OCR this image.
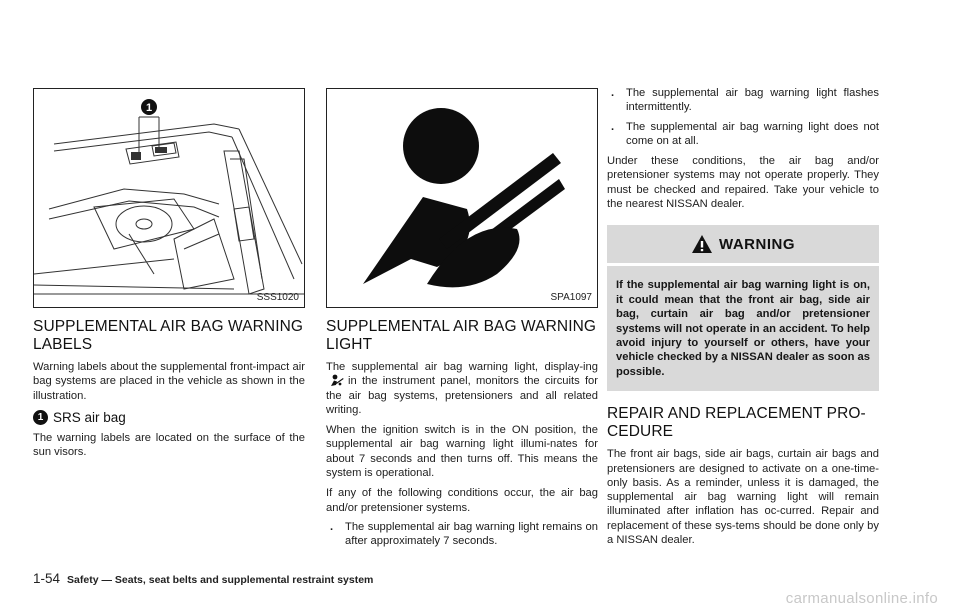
1
SSS1020
SUPPLEMENTAL AIR BAG WARNING LABELS

Warning labels about the supplemental front-impact air bag systems are placed in the vehicle as shown in the illustration.

1 SRS air bag

The warning labels are located on the surface of the sun visors.

SPA1097
SUPPLEMENTAL AIR BAG WARNING LIGHT

The supplemental air bag warning light, display-ingin the instrument panel, monitors the circuits for the air bag systems, pretensioners and all related writing.

When the ignition switch is in the ON position, the supplemental air bag warning light illumi-nates for about 7 seconds and then turns off. This means the system is operational.

If any of the following conditions occur, the air bag and/or pretensioner systems.

. The supplemental air bag warning light remains on after approximately 7 seconds.
. The supplemental air bag warning light flashes intermittently.
. The supplemental air bag warning light does not come on at all.

Under these conditions, the air bag and/or pretensioner systems may not operate properly. They must be checked and repaired. Take your vehicle to the nearest NISSAN dealer.

WARNING
If the supplemental air bag warning light is on, it could mean that the front air bag, side air bag, curtain air bag and/or pretensioner systems will not operate in an accident. To help avoid injury to yourself or others, have your vehicle checked by a NISSAN dealer as soon as possible.
REPAIR AND REPLACEMENT PRO-CEDURE

The front air bags, side air bags, curtain air bags and pretensioners are designed to activate on a one-time-only basis. As a reminder, unless it is damaged, the supplemental air bag warning light will remain illuminated after inflation has oc-curred. Repair and replacement of these sys-tems should be done only by a NISSAN dealer.

1-54 Safety — Seats, seat belts and supplemental restraint system
carmanualsonline.info
